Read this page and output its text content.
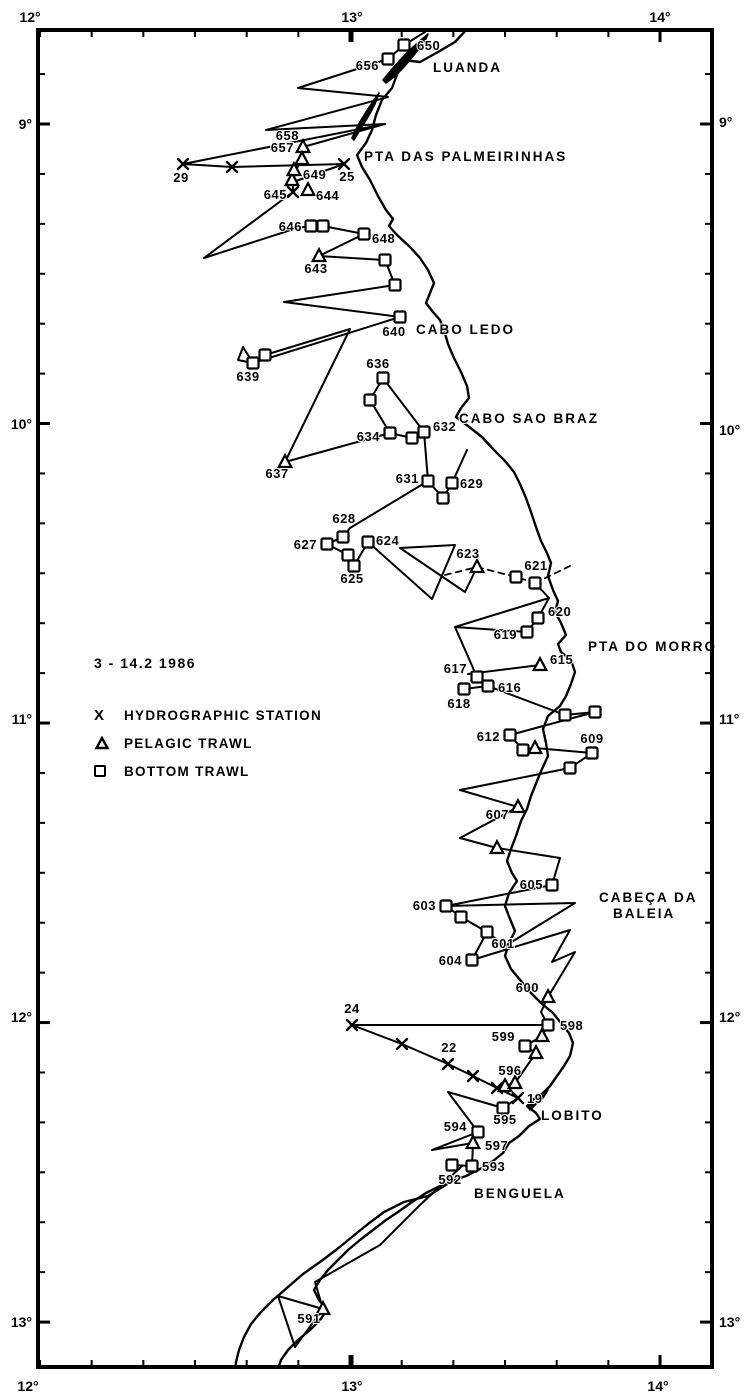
650
656
658
657
29	25
649
645 644
646
648
643
640
639
636
634
632
637	631	629
628
627	624
625
623
621
620
619
615
617
616
618
612	609
607
605
603
601
604
600
598
599
24
22
596
19
595
594
597
593
592
591
LUANDA
PTA DAS PALMEIRINHAS
CABO LEDO
CABO SAO BRAZ
PTA DO MORRO
CABEÇA DA
BALEIA
LOBITO
BENGUELA
12°	13°	14°
12°	13°	14°
9°
10°
11°
12°
13°
9°
10°
11°
12°
13°
3 - 14.2 1986
X HYDROGRAPHIC STATION
PELAGIC TRAWL
BOTTOM TRAWL
